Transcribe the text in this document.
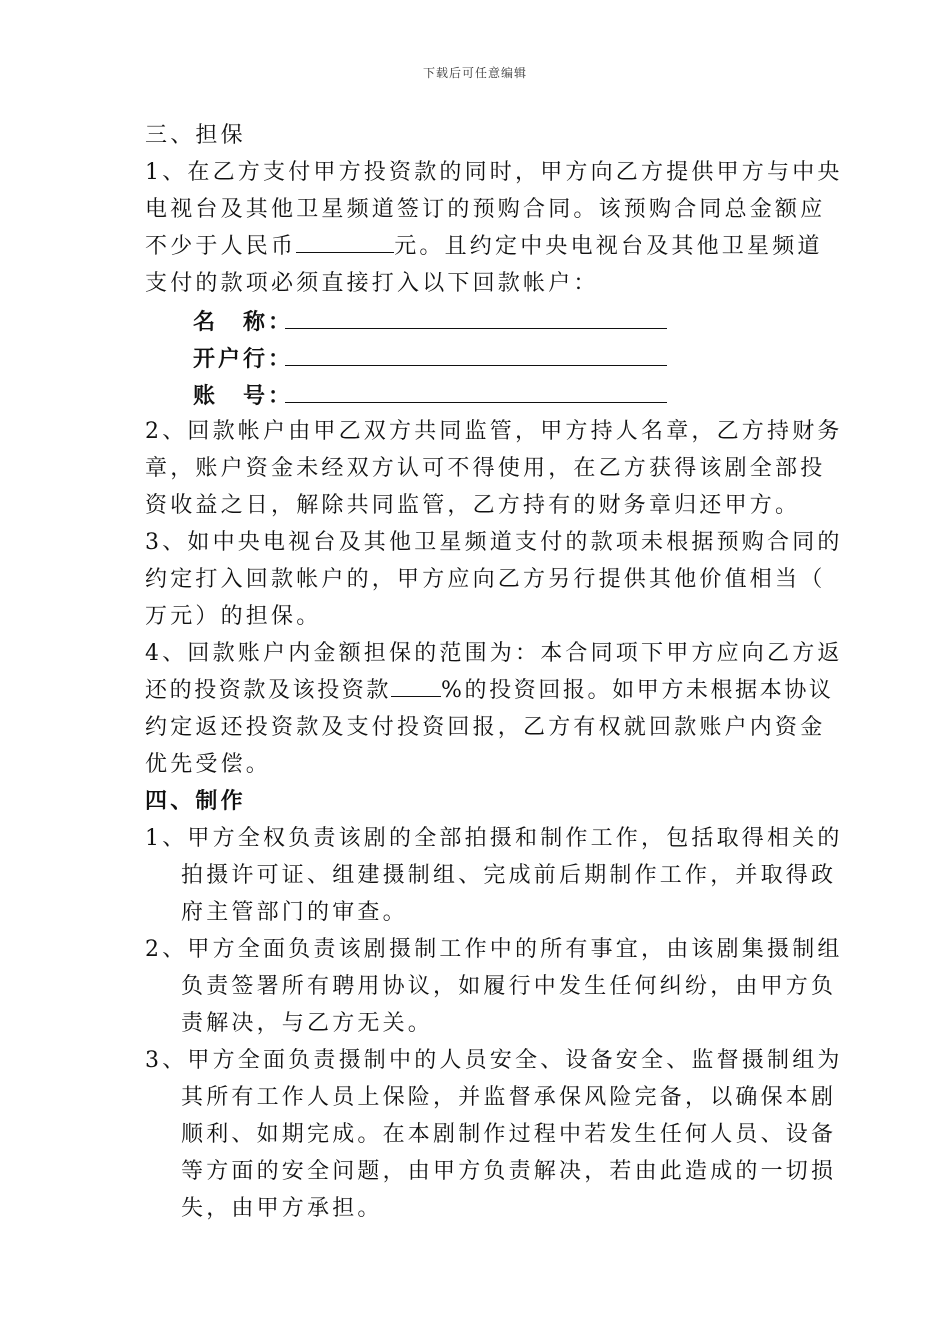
下载后可任意编辑
三、担保
1、在乙方支付甲方投资款的同时，甲方向乙方提供甲方与中央
电视台及其他卫星频道签订的预购合同。该预购合同总金额应
不少于人民币	元。且约定中央电视台及其他卫星频道
支付的款项必须直接打入以下回款帐户：
名　称：
开户行：
账　号：
2、回款帐户由甲乙双方共同监管，甲方持人名章，乙方持财务
章，账户资金未经双方认可不得使用，在乙方获得该剧全部投
资收益之日，解除共同监管，乙方持有的财务章归还甲方。
3、如中央电视台及其他卫星频道支付的款项未根据预购合同的
约定打入回款帐户的，甲方应向乙方另行提供其他价值相当（
万元）的担保。
4、回款账户内金额担保的范围为：本合同项下甲方应向乙方返
还的投资款及该投资款 %的投资回报。如甲方未根据本协议
约定返还投资款及支付投资回报，乙方有权就回款账户内资金
优先受偿。
四、制作
1、甲方全权负责该剧的全部拍摄和制作工作，包括取得相关的
拍摄许可证、组建摄制组、完成前后期制作工作，并取得政
府主管部门的审查。
2、甲方全面负责该剧摄制工作中的所有事宜，由该剧集摄制组
负责签署所有聘用协议，如履行中发生任何纠纷，由甲方负
责解决，与乙方无关。
3、甲方全面负责摄制中的人员安全、设备安全、监督摄制组为
其所有工作人员上保险，并监督承保风险完备，以确保本剧
顺利、如期完成。在本剧制作过程中若发生任何人员、设备
等方面的安全问题，由甲方负责解决，若由此造成的一切损
失，由甲方承担。
